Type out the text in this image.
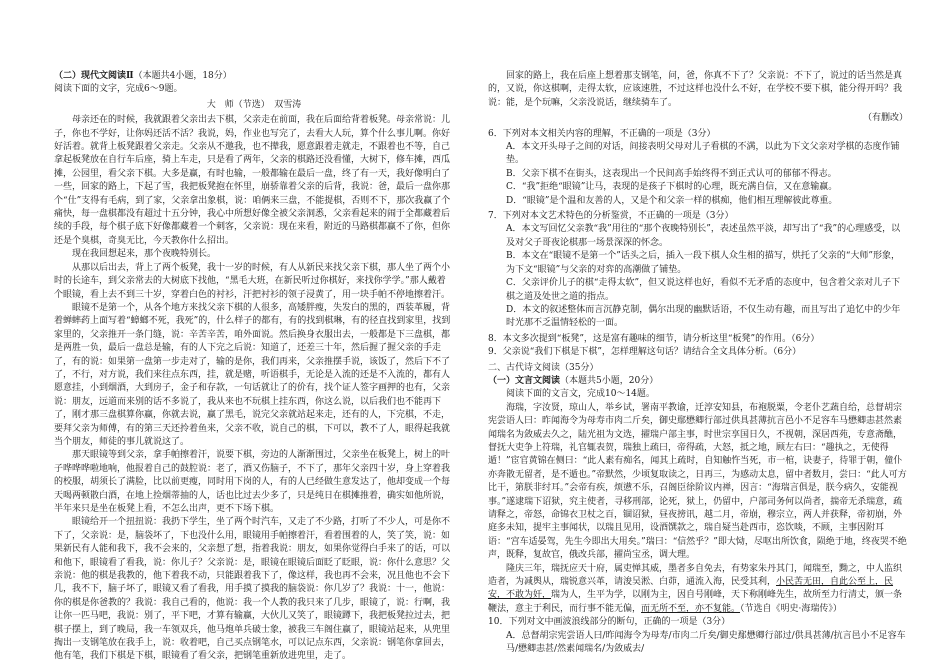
（二）现代文阅读Ⅱ（本题共4小题，18分）

阅读下面的文字，完成6～9题。

大　师（节选）　双雪涛

母亲还在的时候，我就跟着父亲出去下棋，父亲走在前面，我在后面给背着板凳。母亲常说：儿子，你也不学好，让你妈还活不活？我说，妈，作业也写完了，去看大人玩，算个什么事儿啊。你好好活着。就背上板凳跟着父亲走。父亲从不邀我，也不撵我，愿意跟着走就走，不跟着也不等，自己拿起板凳放在自行车后座，骑上车走，只是看了两年，父亲的棋路还没看懂，大树下，修车摊，西瓜摊，公园里，看父亲下棋。大多是赢，有时也输，一般都输在最后一盘，终了有一天，我好像明白了一些，回家的路上，下起了雪，我把板凳抱在怀里，崩骄靠着父亲的后背，我说：爸，最后一盘你那个“仕”支得有毛病，到了家，父亲拿出象棋，说：咱俩来三盘，不能提棋，否则不下，那次我赢了个痛快，每一盘棋都没有超过十五分钟，我心中所想好像全被父亲洞悉，父亲看起来的闹于全都藏着后续的手段，每个棋子底下好像都藏着一个刺客，父亲说：现在来看，附近的马路棋都赢不了你，但你还是个臭棋，奇臭无比，今天教你什么招出。

现在我回想起来，那个夜晚特别长。

从那以后出去，背上了两个板凳，我十一岁的时候，有人从新民来找父亲下棋，那人坐了两个小时的长途车，到父亲常去的大树底下找他，“黑毛大班，在新民听过你棋好，来找你学学。”那人戴着个眼镜，看上去不到三十岁，穿着白色的衬衫，汗把衬衫的领子浸黄了，用一块手帕不停地擦着汗。

眼镜不是第一个，从各个地方来找父亲下棋的人很多，高矮胖瘦，失发白的黑的，西装革履，背着蝉蟀药上面写着“蟑螂不死，我死”的，什么样子的都有，有的找到棋琳，有的径直找到家里，找到家里的，父亲推开一条门缝，说：辛苦辛苦，咱外面说。然后换身衣服出去，一般都是下三盘棋，都是两胜一负，最后一盘总是输，有的人下完之后说：知道了，还差三十年，然后握了握父亲的手走了，有的说：如果第一盘第一步走对了，输的是你，我们再来，父亲推摆手说，该饭了，然后下不了了，不行，对方说，我们来往点东西，挂，就是赌，听语棋手，无论是入流的还是不入流的，都有人愿意挂，小到烟酒，大到房子，金子和存款，一句话就让了的价有，找个证人签字画押的也有，父亲说：朋友，远道而来别的话不多说了，我从来也不玩棋上挂东西，你这么说，以后我们也不能再下了，刚才那三盘棋算你赢，你就去说，赢了黑毛，说完父亲就站起来走，还有的人，下完棋，不走，要拜父亲为师傅，有的第三天还拎着鱼来，父亲不收，说自己的棋，下可以，教不了人，眼得起我就当个朋友，师徒的事儿就说这了。

那天眼镜等到父亲，拿手帕擦着汗，说要下棋，旁边的人渐渐围过，父亲坐在板凳上，树上的叶子哗哗哗啦地响，他报着自己的鼓腔说：老了，酒又伤脑子，不下了，那年父亲四十岁，身上穿着我的校服，胡须长了满脸，比以前更瘦，同时用下岗的人，有的人已经做生意发达了，他却变成一个每天喝两顿散白酒，在地上捡烟蒂抽的人，话也比过去少多了，只是纯日在棋摊推着，确实如他所说，半年来只是坐在板凳上看，不怎么出声，更不下场下棋。

眼镜给开一个扭扭说：我扔下学生，坐了两个时汽车，又走了不少路，打听了不少人，可是你不下了，父亲说：是，脑袋坏了，下也没什么用，眼镜用手帕擦着汗，看着围着的人，笑了笑，说：如果新民有人能和我下，我不会来的，父亲想了想，指着我说：朋友，如果你觉得白手来了的话，可以和他下，眼镜看了看我，说：你儿子？父亲说：是，眼镜在眼镜后面眨了眨眼，说：你什么意思？父亲说：他的棋是我教的，他下着我不动，只能跟着我下了，像这样，我也再不会来，况且他也不会下几，我不下，脑子坏了，眼镜又看了看我，用手摸了摸我的脑袋说：你几岁了？我说：十一，他说：你的棋是你爸教的？我说：我自己看的，他说：我一个人教的我只来了几步，眼镜了，说：行啊，我让你一匹马吧，我说：别了，平下吧，才算有输赢，大伙儿又笑了，眼镜蹲下，我把板凳拉过去，把棋子摆上，到了晚局，我一车领双兵，他马炮单兵破士象，被我三车阁住赢了，眼镜站起来，从兜里掏出一支钢笔放在我手上，说：收着吧，自己买点钢笔水，可以记点东西，父亲说：钢笔你拿回去，他有笔，我们下棋是下棋，眼镜看了看父亲，把钢笔重新放进兜里，走了。

回家的路上，我在后座上想着那支钢笔，问，爸，你真不下了？父亲说：不下了，说过的话当然是真的，又说，你这棋啊，走得太软，应该速胜，不过这样也没什么不好，在学校不要下棋，能分得开吗？我说：能，是个玩嘛，父亲没说话，继续骑车了。

（有删改）

6．下列对本文相关内容的理解，不正确的一项是（3分）

A．本文开头母子之间的对话，间接表明父母对儿子看棋的不满，以此为下文父亲对学棋的态度作铺垫。

B．父亲下棋不在街头，这表现出一个民间高手始终得不到正式认可的郁郁不得志。

C．“我”拒绝“眼镜”让马，表现的是孩子下棋时的心理，既充满自信，又在意输赢。

D．“眼镜”是个温和友善的人，又是个和父亲一样的棋痴，他们相互理解彼此尊重。

7．下列对本文艺术特色的分析鉴赏，不正确的一项是（3分）

A．本文写回忆父亲教“我”用往的“那个夜晚特别长”，表述虽然平淡，却写出了“我”的心理感受，以及对父子哥夜论棋那一场景深深的怀念。

B．本文在“眼镜不是第一个”话头之后，插入一段下棋人众生相的描写，烘托了父亲的“大师”形象，为下文“眼镜”与父亲的对弈的高潮做了铺垫。

C．父亲评价儿子的棋“走得太软”，但又说这样也好，看似不无矛盾的态度中，包含着父亲对儿子下棋之道及处世之道的指点。

D．本文的叙述整体而言沉静克制，偶尔出现的幽默话语，不仅生动有趣，而且写出了追忆中的少年时光那不乏温情轻松的一面。

8．本文多次提到“板凳”，这是富有趣味的细节，请分析这里“板凳”的作用。（6分）

9．父亲说“我们下棋是下棋”，怎样理解这句话？请结合全文具体分析。（6分）

二、古代诗文阅读（35分）

（一）文言文阅读（本题共5小题，20分）

阅读下面的文言文，完成10～14题。

海瑞，字汝贤，琼山人，举乡试，署南平教谕，迁淳安知县，布袍脱粟，令老仆艺蔬自给，总督胡宗宪尝语人曰：昨闻海令为母寿市肉二斤矣，御史鄢懋卿行部过供具甚薄抗言邑小不足容车马懋卿恚甚然素闻瑞名为敛威去久之，陆光祖为文选，擢瑞户部主事，时世宗享国日久，不视朝，深居西苑，专意斋醮，督抚大吏争上符瑞，礼官辄表贺，瑞独上疏曰，帝得疏，大怒，抵之地，顾左右曰：“趣执之，无使得遁！”宦官黄锦在侧曰：“此人素有痴名，闻其上疏时，自知触忤当死，市一棺，诀妻子，待罪于朝，僮仆亦奔散无留者，是不遁也。”帝默然，少顷复取读之，日再三，为感动太息，留中者数月，尝曰：“此人可方比干，第朕非纣耳。”会帝有疾，烦懑不乐，召阁臣徐阶议内禅，因言：“海瑞言俱是，朕今病久，安能视事。”遂逮瑞下诏狱，究主使者，寻移刑部，论死，狱上，仍留中，户部司务何以尚者，揣帝无杀瑞意，疏请释之，帝怒，命锦衣卫杖之百，锢诏狱，昼夜搒讯，越二月，帝崩，穆宗立，两人并获释，帝初崩，外庭多未知，提牢主事闻状，以瑞且见用，设酒馔款之，瑞自疑当赴西市，恣饮啖，不顾，主事因附耳语：“宫车适晏驾，先生今即出大用矣。”瑞曰：“信然乎？”即大恸，尽呕出所饮食，陨绝于地，终夜哭不绝声，既释，复故官，俄改兵部，擢尚宝丞，调大理。

隆庆三年，瑞抚应天十府，属吏惮其威，墨者多自免去，有势家朱丹其门，闻瑞至，黝之，中人监织造者，为减舆从，瑞锐意兴革，请浚吴淞、白茆，通流入海，民受其利，小民苦无田，自此公至上，民安，不敢为奸，瑞为人，生平为学，以刚为主，因自号刚峰，天下称刚峰先生，故所至力行清丈，颁一条鞭法，意主于利民，而行事不能无偏，而无所不至，亦不复能。（节选自《明史·海瑞传》）

10．下列对文中画波浪线部分的断句，正确的一项是（3分）

A．总督胡宗宪尝语人曰/昨闻海令为母寿/市肉二斤矣/御史鄢懋卿行部过/供具甚薄/抗言邑小不足容车马/懋卿恚甚/然素闻瑞名/为敛威去/
